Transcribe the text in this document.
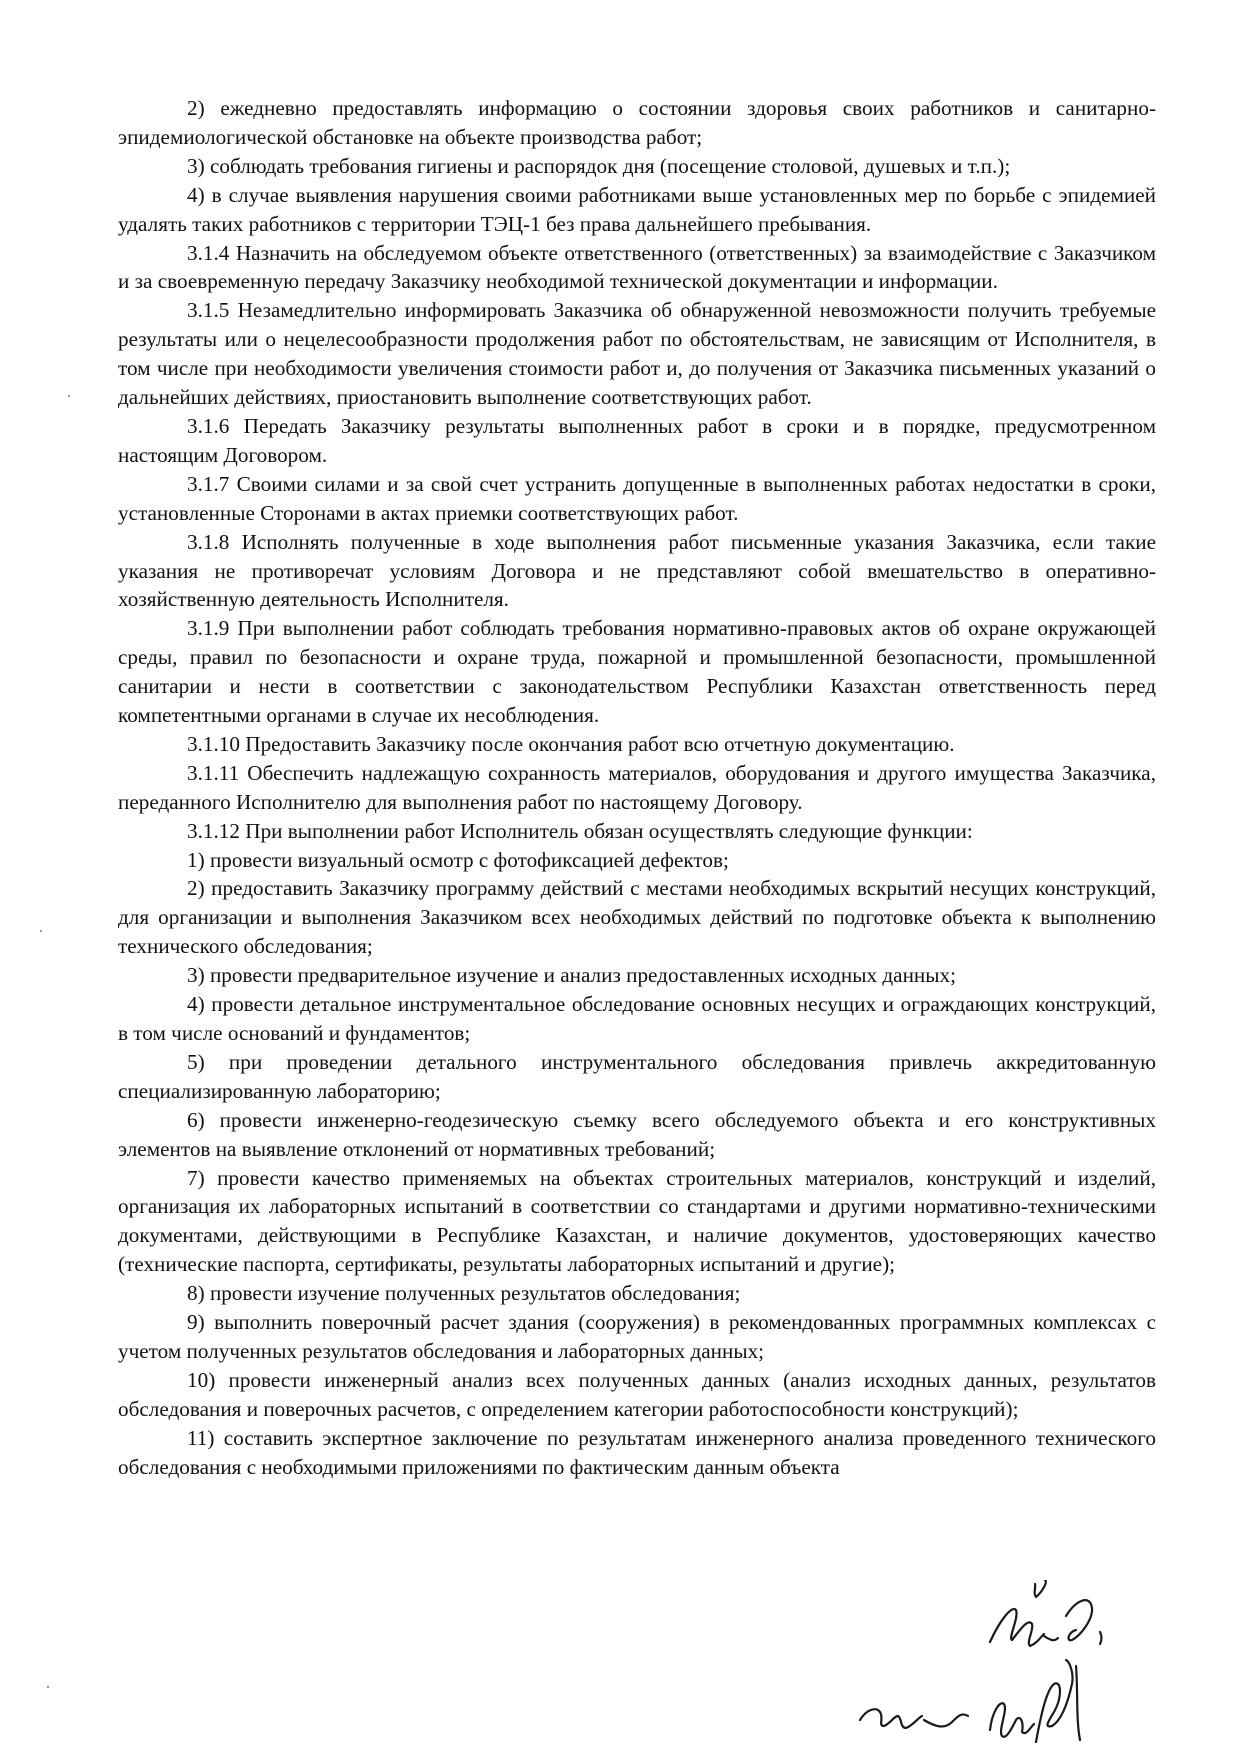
2) ежедневно предоставлять информацию о состоянии здоровья своих работников и санитарно-эпидемиологической обстановке на объекте производства работ;

3) соблюдать требования гигиены и распорядок дня (посещение столовой, душевых и т.п.);

4) в случае выявления нарушения своими работниками выше установленных мер по борьбе с эпидемией удалять таких работников с территории ТЭЦ-1 без права дальнейшего пребывания.

3.1.4 Назначить на обследуемом объекте ответственного (ответственных) за взаимодействие с Заказчиком и за своевременную передачу Заказчику необходимой технической документации и информации.

3.1.5 Незамедлительно информировать Заказчика об обнаруженной невозможности получить требуемые результаты или о нецелесообразности продолжения работ по обстоятельствам, не зависящим от Исполнителя, в том числе при необходимости увеличения стоимости работ и, до получения от Заказчика письменных указаний о дальнейших действиях, приостановить выполнение соответствующих работ.

3.1.6 Передать Заказчику результаты выполненных работ в сроки и в порядке, предусмотренном настоящим Договором.

3.1.7 Своими силами и за свой счет устранить допущенные в выполненных работах недостатки в сроки, установленные Сторонами в актах приемки соответствующих работ.

3.1.8 Исполнять полученные в ходе выполнения работ письменные указания Заказчика, если такие указания не противоречат условиям Договора и не представляют собой вмешательство в оперативно-хозяйственную деятельность Исполнителя.

3.1.9 При выполнении работ соблюдать требования нормативно-правовых актов об охране окружающей среды, правил по безопасности и охране труда, пожарной и промышленной безопасности, промышленной санитарии и нести в соответствии с законодательством Республики Казахстан ответственность перед компетентными органами в случае их несоблюдения.

3.1.10 Предоставить Заказчику после окончания работ всю отчетную документацию.

3.1.11 Обеспечить надлежащую сохранность материалов, оборудования и другого имущества Заказчика, переданного Исполнителю для выполнения работ по настоящему Договору.

3.1.12 При выполнении работ Исполнитель обязан осуществлять следующие функции:

1) провести визуальный осмотр с фотофиксацией дефектов;

2) предоставить Заказчику программу действий с местами необходимых вскрытий несущих конструкций, для организации и выполнения Заказчиком всех необходимых действий по подготовке объекта к выполнению технического обследования;

3) провести предварительное изучение и анализ предоставленных исходных данных;

4) провести детальное инструментальное обследование основных несущих и ограждающих конструкций, в том числе оснований и фундаментов;

5) при проведении детального инструментального обследования привлечь аккредитованную специализированную лабораторию;

6) провести инженерно-геодезическую съемку всего обследуемого объекта и его конструктивных элементов на выявление отклонений от нормативных требований;

7) провести качество применяемых на объектах строительных материалов, конструкций и изделий, организация их лабораторных испытаний в соответствии со стандартами и другими нормативно-техническими документами, действующими в Республике Казахстан, и наличие документов, удостоверяющих качество (технические паспорта, сертификаты, результаты лабораторных испытаний и другие);

8) провести изучение полученных результатов обследования;

9) выполнить поверочный расчет здания (сооружения) в рекомендованных программных комплексах с учетом полученных результатов обследования и лабораторных данных;

10) провести инженерный анализ всех полученных данных (анализ исходных данных, результатов обследования и поверочных расчетов, с определением категории работоспособности конструкций);

11) составить экспертное заключение по результатам инженерного анализа проведенного технического обследования с необходимыми приложениями по фактическим данным объекта
